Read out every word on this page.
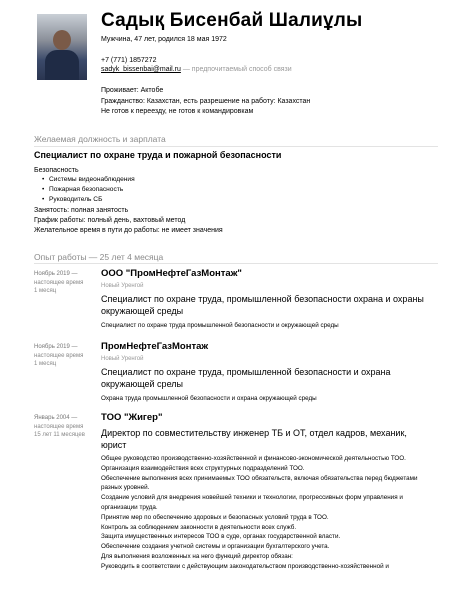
Садық Бисенбай Шалиұлы
Мужчина, 47 лет, родился 18 мая 1972
+7 (771) 1857272
sadyk_bissenbai@mail.ru — предпочитаемый способ связи
Проживает: Актобе
Гражданство: Казахстан, есть разрешение на работу: Казахстан
Не готов к переезду, не готов к командировкам
Желаемая должность и зарплата
Специалист по охране труда и пожарной безопасности
Безопасность
• Системы видеонаблюдения
• Пожарная безопасность
• Руководитель СБ
Занятость: полная занятость
График работы: полный день, вахтовый метод
Желательное время в пути до работы: не имеет значения
Опыт работы — 25 лет 4 месяца
Ноябрь 2019 —
настоящее время
1 месяц
ООО "ПромНефтеГазМонтаж"
Новый Уренгой
Специалист по охране труда, промышленной безопасности охрана и охраны окружающей среды
Специалист по охране труда промышленной безопасности и окружающей среды
Ноябрь 2019 —
настоящее время
1 месяц
ПромНефтеГазМонтаж
Новый Уренгой
Специалист по охране труда, промышленной безопасности и охрана окружающей срелы
Охрана труда промышленной безопасности и охрана окружающей среды
Январь 2004 —
настоящее время
15 лет 11 месяцев
ТОО "Жигер"
Директор по совместительству инженер ТБ и ОТ, отдел кадров, механик, юрист
Общее руководство производственно-хозяйственной и финансово-экономической деятельностью ТОО.
Организация взаимодействия всех структурных подразделений ТОО.
Обеспечение выполнения всех принимаемых ТОО обязательств, включая обязательства перед бюджетами разных уровней.
Создание условий для внедрения новейшей техники и технологии, прогрессивных форм управления и организации труда.
Принятие мер по обеспечению здоровых и безопасных условий труда в ТОО.
Контроль за соблюдением законности в деятельности всех служб.
Защита имущественных интересов ТОО в суде, органах государственной власти.
Обеспечение создания учетной системы и организации бухгалтерского учета.
Для выполнения возложенных на него функций директор обязан:
Руководить в соответствии с действующим законодательством производственно-хозяйственной и
